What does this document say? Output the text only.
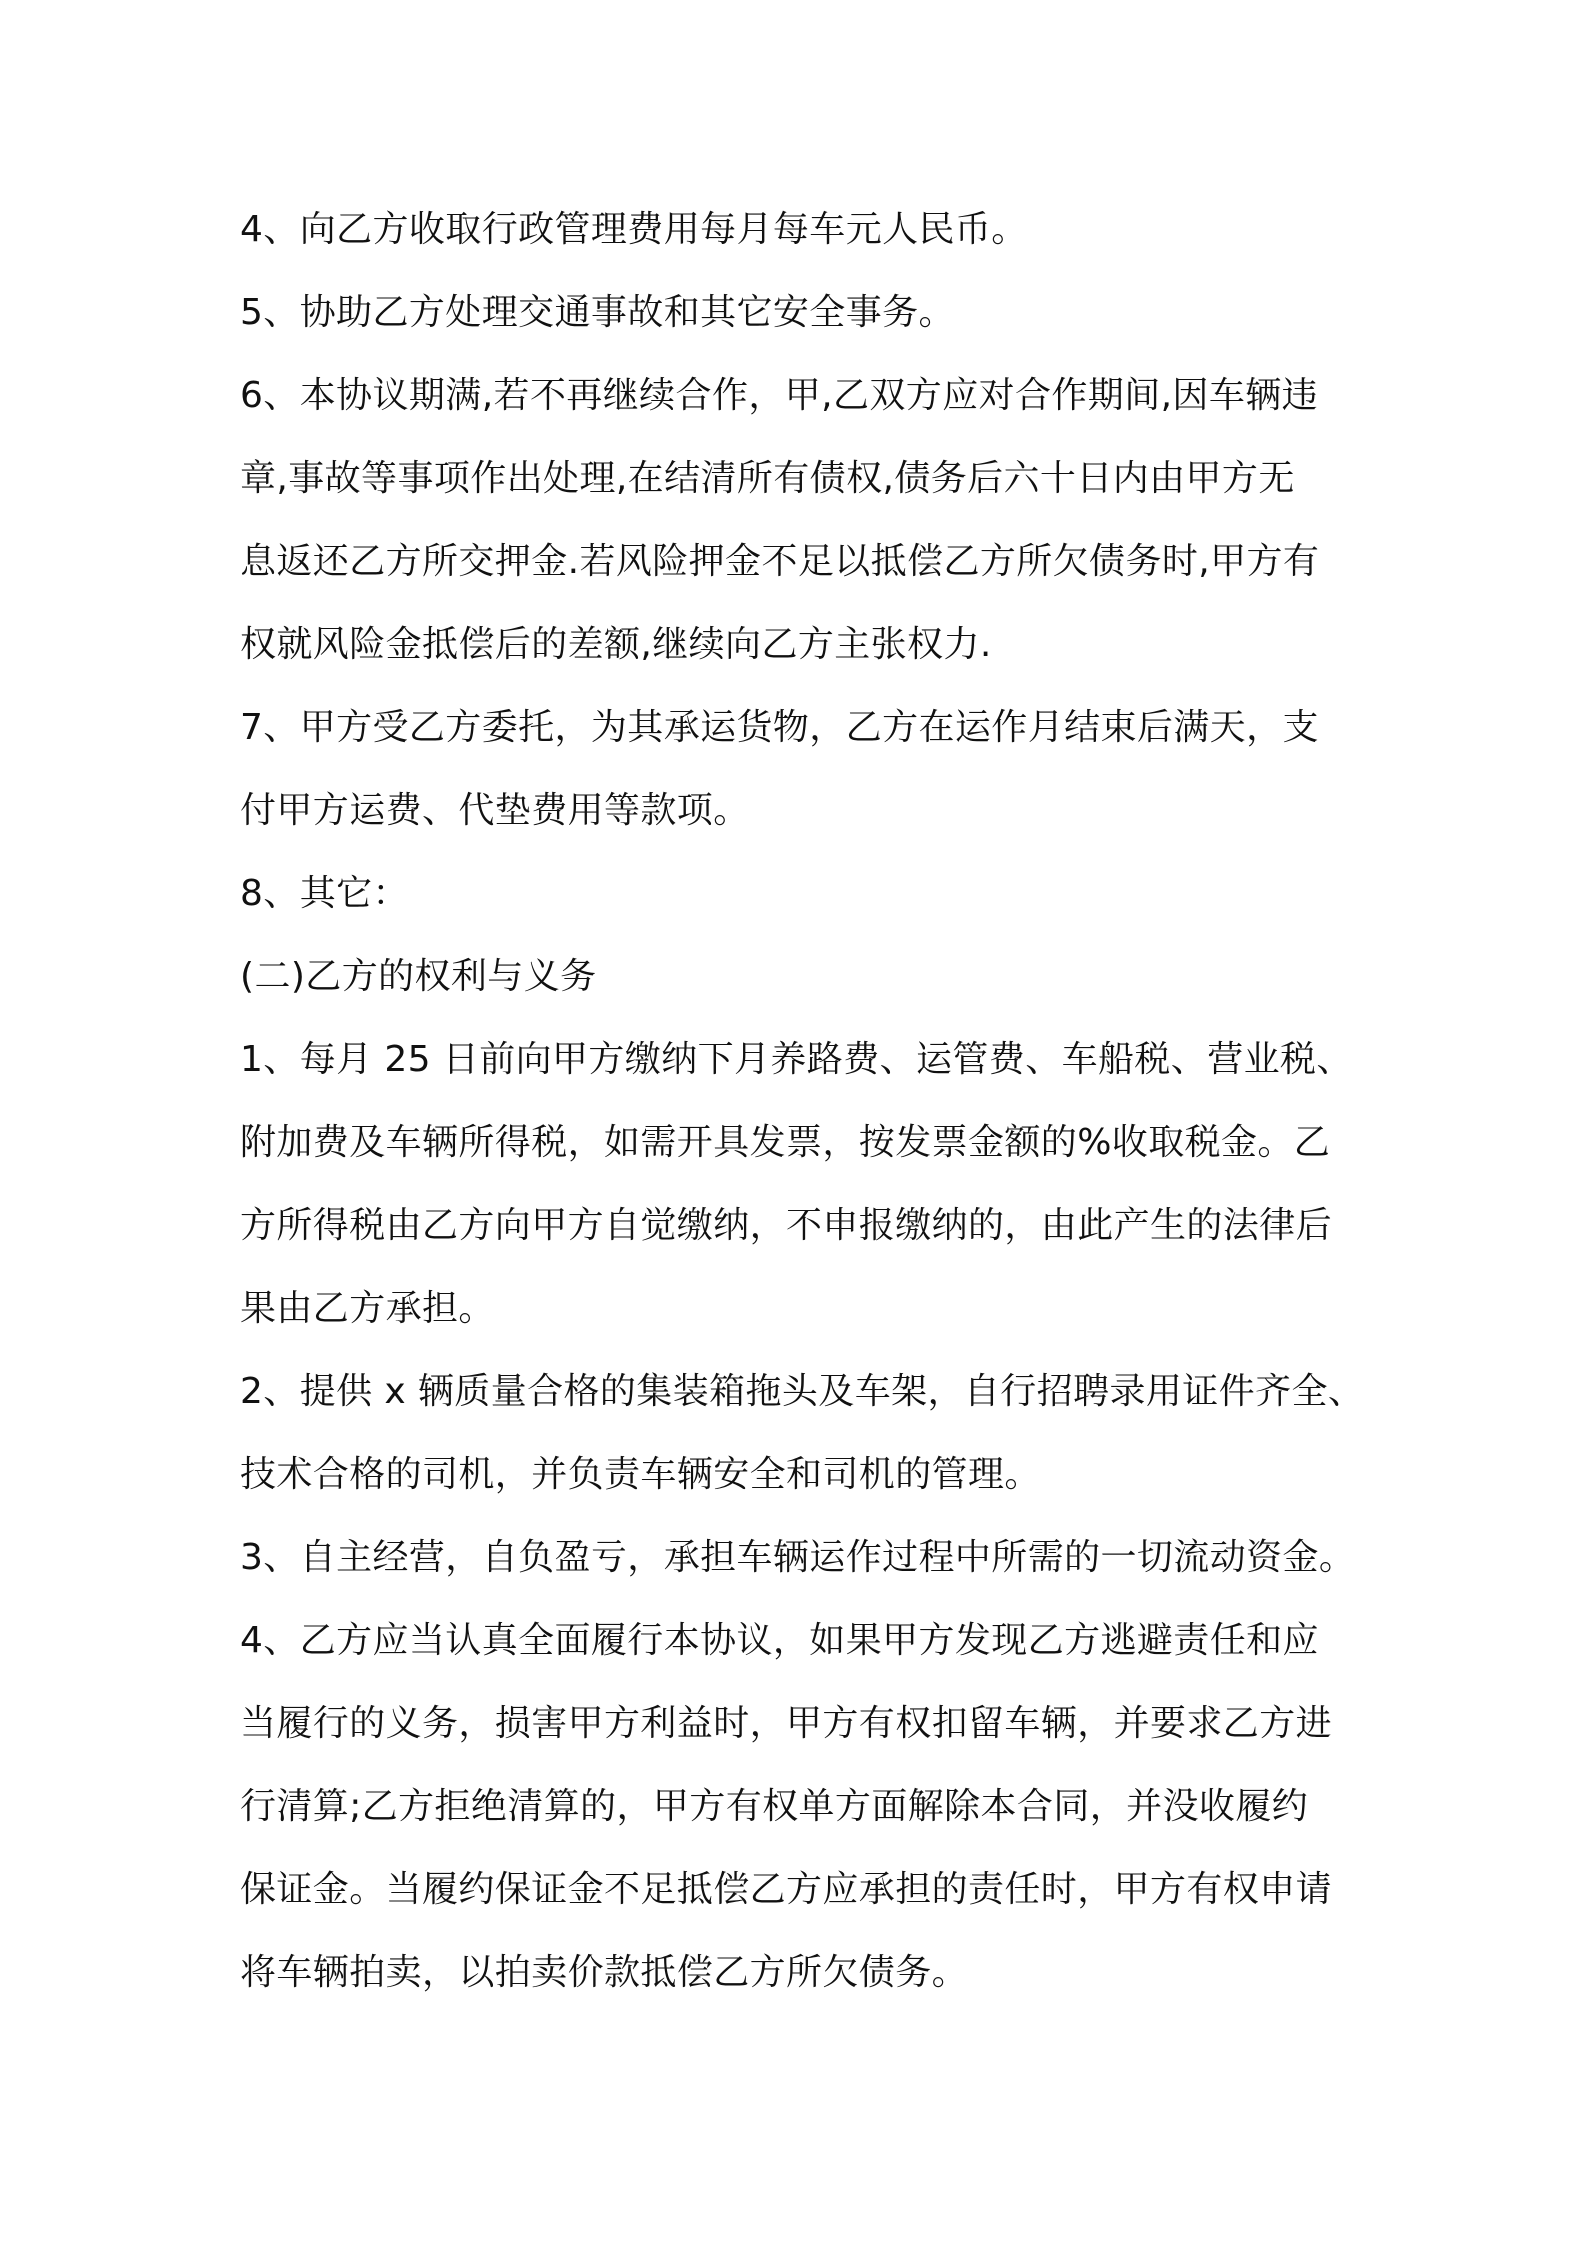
4、向乙方收取行政管理费用每月每车元人民币。
5、协助乙方处理交通事故和其它安全事务。
6、本协议期满,若不再继续合作，甲,乙双方应对合作期间,因车辆违
章,事故等事项作出处理,在结清所有债权,债务后六十日内由甲方无
息返还乙方所交押金.若风险押金不足以抵偿乙方所欠债务时,甲方有
权就风险金抵偿后的差额,继续向乙方主张权力.
7、甲方受乙方委托，为其承运货物，乙方在运作月结束后满天，支
付甲方运费、代垫费用等款项。
8、其它：
(二)乙方的权利与义务
1、每月 25 日前向甲方缴纳下月养路费、运管费、车船税、营业税、
附加费及车辆所得税，如需开具发票，按发票金额的%收取税金。乙
方所得税由乙方向甲方自觉缴纳，不申报缴纳的，由此产生的法律后
果由乙方承担。
2、提供 x 辆质量合格的集装箱拖头及车架，自行招聘录用证件齐全、
技术合格的司机，并负责车辆安全和司机的管理。
3、自主经营，自负盈亏，承担车辆运作过程中所需的一切流动资金。
4、乙方应当认真全面履行本协议，如果甲方发现乙方逃避责任和应
当履行的义务，损害甲方利益时，甲方有权扣留车辆，并要求乙方进
行清算;乙方拒绝清算的，甲方有权单方面解除本合同，并没收履约
保证金。当履约保证金不足抵偿乙方应承担的责任时，甲方有权申请
将车辆拍卖，以拍卖价款抵偿乙方所欠债务。
